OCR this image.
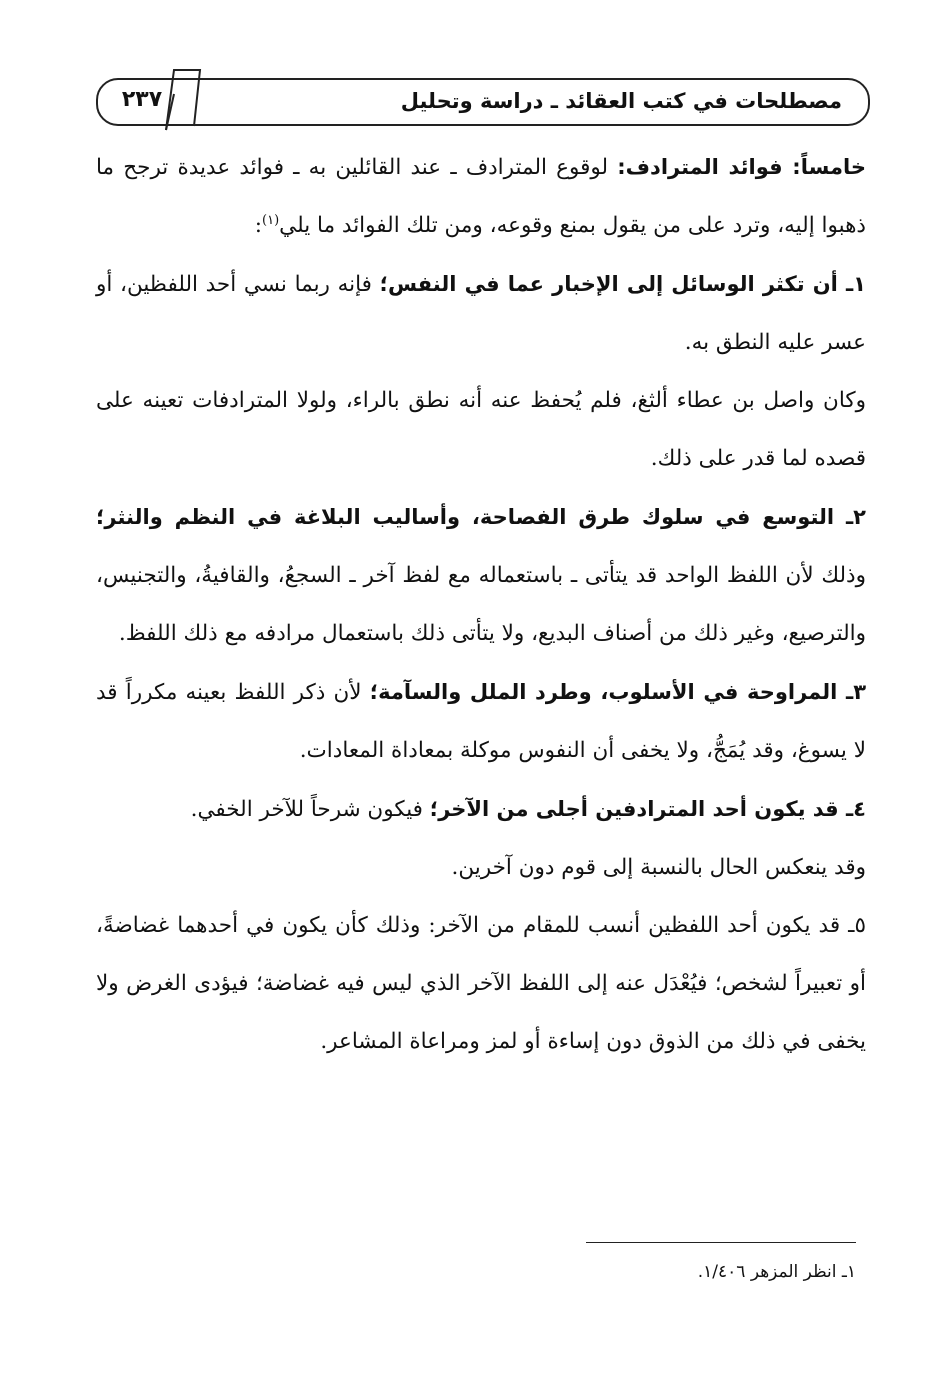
٢٣٧	مصطلحات في كتب العقائد ـ دراسة وتحليل

خامساً: فوائد المترادف: لوقوع المترادف ـ عند القائلين به ـ فوائد عديدة ترجح ما ذهبوا إليه، وترد على من يقول بمنع وقوعه، ومن تلك الفوائد ما يلي$^{(١)}$:

١ـ أن تكثر الوسائل إلى الإخبار عما في النفس؛ فإنه ربما نسي أحد اللفظين، أو عسر عليه النطق به.

وكان واصل بن عطاء ألثغ، فلم يُحفظ عنه أنه نطق بالراء، ولولا المترادفات تعينه على قصده لما قدر على ذلك.

٢ـ التوسع في سلوك طرق الفصاحة، وأساليب البلاغة في النظم والنثر؛ وذلك لأن اللفظ الواحد قد يتأتى ـ باستعماله مع لفظ آخر ـ السجعُ، والقافيةُ، والتجنيس، والترصيع، وغير ذلك من أصناف البديع، ولا يتأتى ذلك باستعمال مرادفه مع ذلك اللفظ.

٣ـ المراوحة في الأسلوب، وطرد الملل والسآمة؛ لأن ذكر اللفظ بعينه مكرراً قد لا يسوغ، وقد يُمَجُّ، ولا يخفى أن النفوس موكلة بمعاداة المعادات.

٤ـ قد يكون أحد المترادفين أجلى من الآخر؛ فيكون شرحاً للآخر الخفي.

وقد ينعكس الحال بالنسبة إلى قوم دون آخرين.

٥ـ قد يكون أحد اللفظين أنسب للمقام من الآخر: وذلك كأن يكون في أحدهما غضاضةً، أو تعبيراً لشخص؛ فيُعْدَل عنه إلى اللفظ الآخر الذي ليس فيه غضاضة؛ فيؤدى الغرض ولا يخفى في ذلك من الذوق دون إساءة أو لمز ومراعاة المشاعر.

١ـ انظر المزهر ١/٤٠٦.
